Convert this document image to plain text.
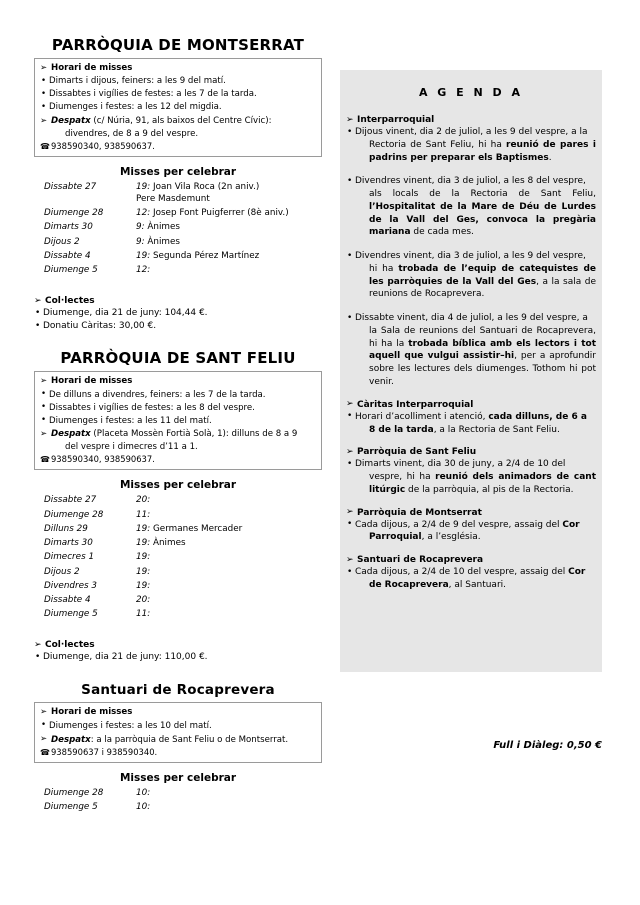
PARRÒQUIA DE MONTSERRAT
➢ Horari de misses
• Dimarts i dijous, feiners: a les 9 del matí.
• Dissabtes i vigílies de festes: a les 7 de la tarda.
• Diumenges i festes: a les 12 del migdia.
➢ Despatx (c/ Núria, 91, als baixos del Centre Cívic):
divendres, de 8 a 9 del vespre.
☎938590340, 938590637.
Misses per celebrar
Dissabte 27	19: Joan Vila Roca (2n aniv.)
Pere Masdemunt

Diumenge 28	12: Josep Font Puigferrer (8è aniv.)
Dimarts 30	9: Ànimes
Dijous 2	9: Ànimes
Dissabte 4	19: Segunda Pérez Martínez
Diumenge 5	12:
➢ Col·lectes
• Diumenge, dia 21 de juny: 104,44 €.
• Donatiu Càritas: 30,00 €.
PARRÒQUIA DE SANT FELIU
➢ Horari de misses
• De dilluns a divendres, feiners: a les 7 de la tarda.
• Dissabtes i vigílies de festes: a les 8 del vespre.
• Diumenges i festes: a les 11 del matí.
➢ Despatx (Placeta Mossèn Fortià Solà, 1): dilluns de 8 a 9
del vespre i dimecres d’11 a 1.
☎938590340, 938590637.
Misses per celebrar
Dissabte 27	20:
Diumenge 28	11:
Dilluns 29	19: Germanes Mercader
Dimarts 30	19: Ànimes
Dimecres 1	19:
Dijous 2	19:
Divendres 3	19:
Dissabte 4	20:
Diumenge 5	11:
➢ Col·lectes
• Diumenge, dia 21 de juny: 110,00 €.
Santuari de Rocaprevera
➢ Horari de misses
• Diumenges i festes: a les 10 del matí.
➢ Despatx: a la parròquia de Sant Feliu o de Montserrat.
☎938590637 i 938590340.
Misses per celebrar
Diumenge 28	10:
Diumenge 5	10:
A G E N D A
➢ Interparroquial
• Dijous vinent, dia 2 de juliol, a les 9 del vespre, a la
Rectoria de Sant Feliu, hi ha reunió de pares i padrins per preparar els Baptismes.
• Divendres vinent, dia 3 de juliol, a les 8 del vespre,
als locals de la Rectoria de Sant Feliu, l’Hospitalitat de la Mare de Déu de Lurdes de la Vall del Ges, convoca la pregària mariana de cada mes.
• Divendres vinent, dia 3 de juliol, a les 9 del vespre,
hi ha trobada de l’equip de catequistes de les parròquies de la Vall del Ges, a la sala de reunions de Rocaprevera.
• Dissabte vinent, dia 4 de juliol, a les 9 del vespre, a
la Sala de reunions del Santuari de Rocaprevera, hi ha la trobada bíblica amb els lectors i tot aquell que vulgui assistir–hi, per a aprofundir sobre les lectures dels diumenges. Tothom hi pot venir.
➢ Càritas Interparroquial
• Horari d’acolliment i atenció, cada dilluns, de 6 a
8 de la tarda, a la Rectoria de Sant Feliu.
➢ Parròquia de Sant Feliu
• Dimarts vinent, dia 30 de juny, a 2/4 de 10 del
vespre, hi ha reunió dels animadors de cant litúrgic de la parròquia, al pis de la Rectoria.
➢ Parròquia de Montserrat
• Cada dijous, a 2/4 de 9 del vespre, assaig del Cor
Parroquial, a l’església.
➢ Santuari de Rocaprevera
• Cada dijous, a 2/4 de 10 del vespre, assaig del Cor
de Rocaprevera, al Santuari.
Full i Diàleg: 0,50 €
